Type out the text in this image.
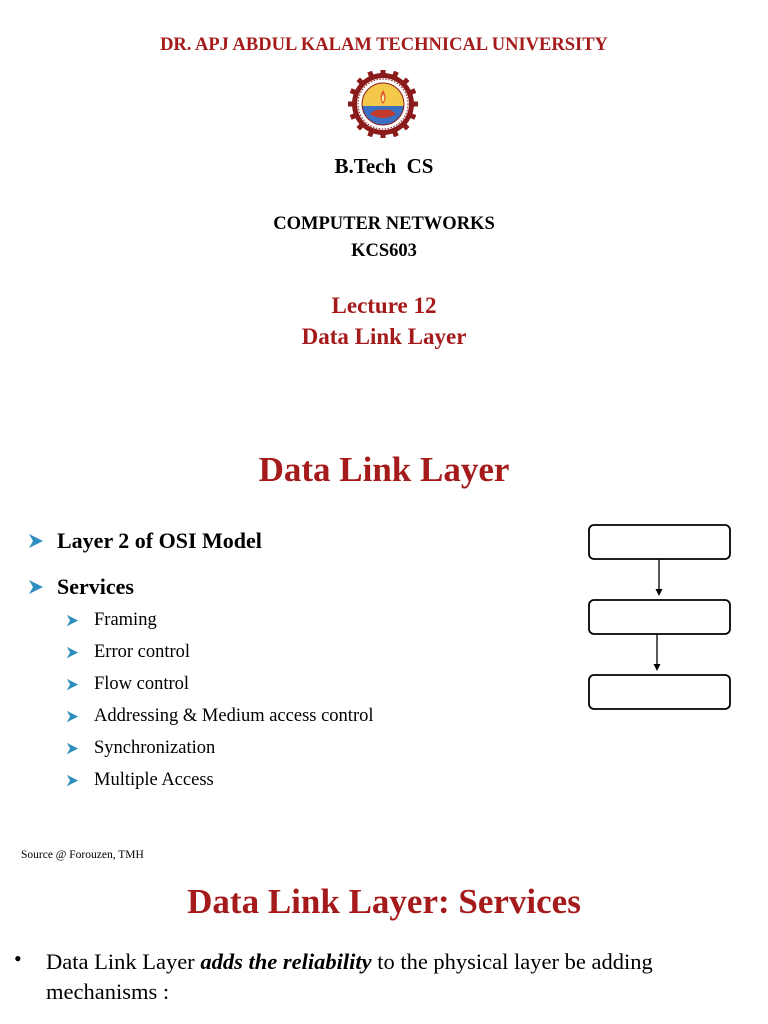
DR. APJ ABDUL KALAM TECHNICAL UNIVERSITY
B.Tech  CS
COMPUTER NETWORKS
KCS603
Lecture 12
Data Link Layer
Data Link Layer
Layer 2 of OSI Model
Services
Framing
Error control
Flow control
Addressing & Medium access control
Synchronization
Multiple Access
Source @ Forouzen, TMH
Data Link Layer: Services
• Data Link Layer adds the reliability to the physical layer be adding mechanisms :
